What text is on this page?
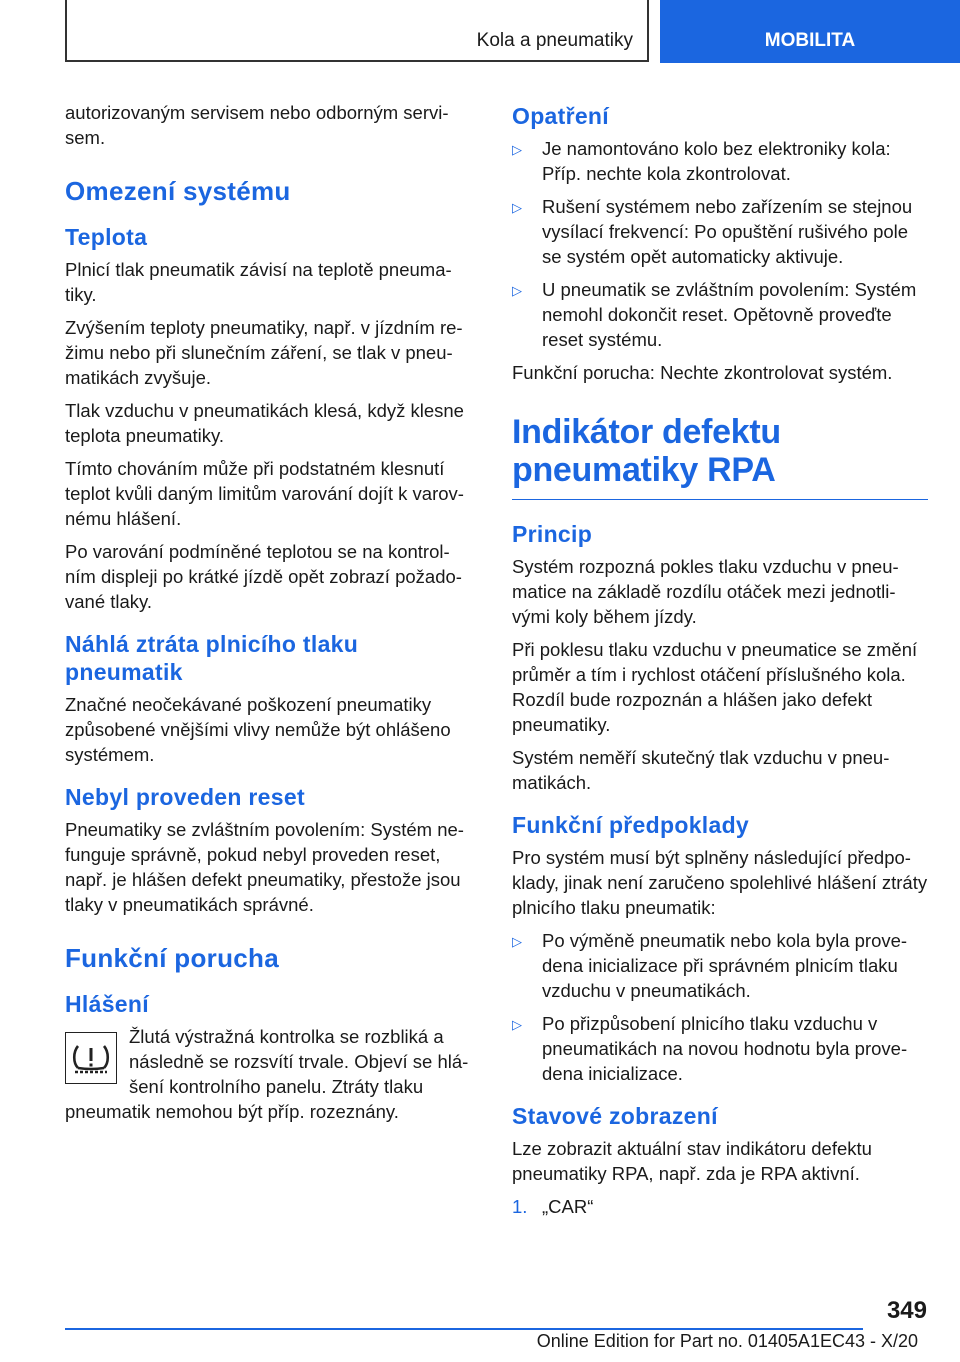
Kola a pneumatiky	MOBILITA

autorizovaným servisem nebo odborným servi-sem.

Omezení systému
Teplota

Plnicí tlak pneumatik závisí na teplotě pneuma-tiky.

Zvýšením teploty pneumatiky, např. v jízdním re-žimu nebo při slunečním záření, se tlak v pneu-matikách zvyšuje.

Tlak vzduchu v pneumatikách klesá, když klesne teplota pneumatiky.

Tímto chováním může při podstatném klesnutí teplot kvůli daným limitům varování dojít k varov-nému hlášení.

Po varování podmíněné teplotou se na kontrol-ním displeji po krátké jízdě opět zobrazí požado-vané tlaky.

Náhlá ztráta plnicího tlaku pneumatik

Značné neočekávané poškození pneumatiky způsobené vnějšími vlivy nemůže být ohlášeno systémem.

Nebyl proveden reset

Pneumatiky se zvláštním povolením: Systém ne-funguje správně, pokud nebyl proveden reset, např. je hlášen defekt pneumatiky, přestože jsou tlaky v pneumatikách správné.

Funkční porucha
Hlášení

Žlutá výstražná kontrolka se rozbliká a následně se rozsvítí trvale. Objeví se hlá-šení kontrolního panelu. Ztráty tlaku pneumatik nemohou být příp. rozeznány.

Opatření
▷ Je namontováno kolo bez elektroniky kola: Příp. nechte kola zkontrolovat.
▷ Rušení systémem nebo zařízením se stejnou vysílací frekvencí: Po opuštění rušivého pole se systém opět automaticky aktivuje.
▷ U pneumatik se zvláštním povolením: Systém nemohl dokončit reset. Opětovně proveďte reset systému.

Funkční porucha: Nechte zkontrolovat systém.

Indikátor defektu pneumatiky RPA
Princip

Systém rozpozná pokles tlaku vzduchu v pneu-matice na základě rozdílu otáček mezi jednotli-vými koly během jízdy.

Při poklesu tlaku vzduchu v pneumatice se změní průměr a tím i rychlost otáčení příslušného kola. Rozdíl bude rozpoznán a hlášen jako defekt pneumatiky.

Systém neměří skutečný tlak vzduchu v pneu-matikách.

Funkční předpoklady

Pro systém musí být splněny následující předpo-klady, jinak není zaručeno spolehlivé hlášení ztráty plnicího tlaku pneumatik:

▷ Po výměně pneumatik nebo kola byla prove-dena inicializace při správném plnicím tlaku vzduchu v pneumatikách.
▷ Po přizpůsobení plnicího tlaku vzduchu v pneumatikách na novou hodnotu byla prove-dena inicializace.
Stavové zobrazení

Lze zobrazit aktuální stav indikátoru defektu pneumatiky RPA, např. zda je RPA aktivní.

1. „CAR“
349
Online Edition for Part no. 01405A1EC43 - X/20
